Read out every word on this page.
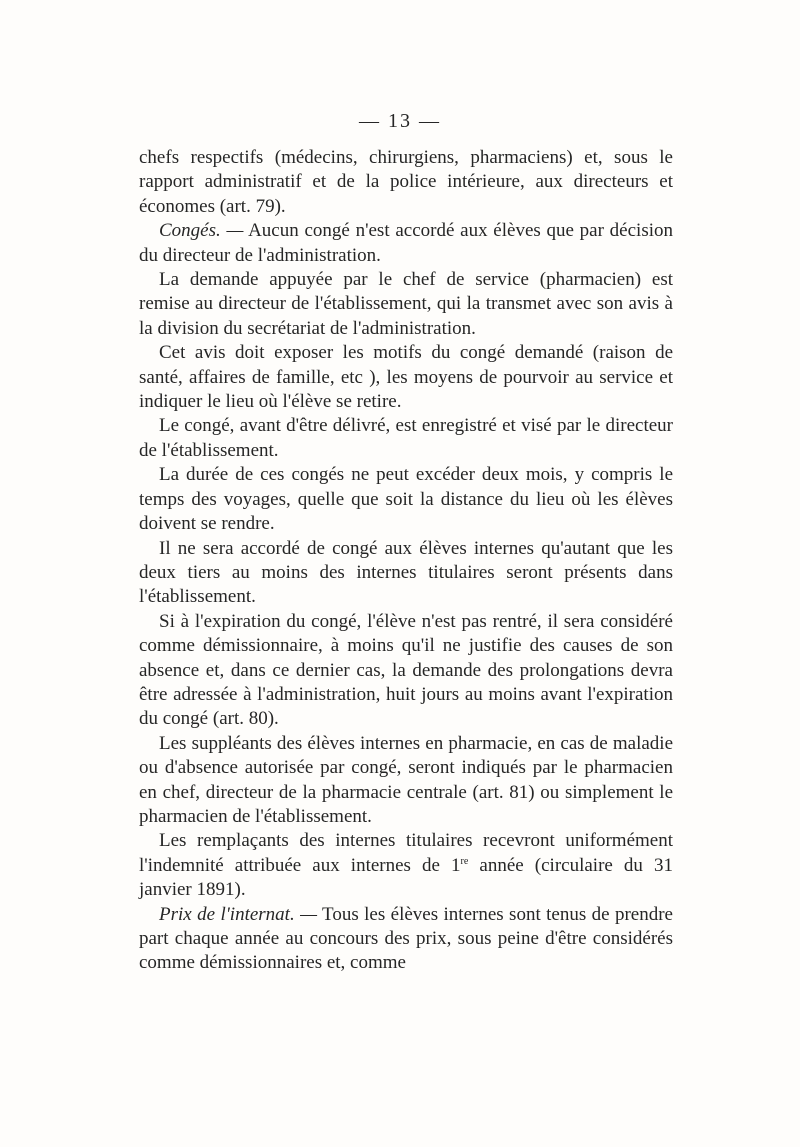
— 13 —

chefs respectifs (médecins, chirurgiens, pharmaciens) et, sous le rapport administratif et de la police intérieure, aux directeurs et économes (art. 79).

Congés. — Aucun congé n'est accordé aux élèves que par décision du directeur de l'administration.

La demande appuyée par le chef de service (pharmacien) est remise au directeur de l'établissement, qui la transmet avec son avis à la division du secrétariat de l'administration.

Cet avis doit exposer les motifs du congé demandé (raison de santé, affaires de famille, etc ), les moyens de pourvoir au service et indiquer le lieu où l'élève se retire.

Le congé, avant d'être délivré, est enregistré et visé par le directeur de l'établissement.

La durée de ces congés ne peut excéder deux mois, y compris le temps des voyages, quelle que soit la distance du lieu où les élèves doivent se rendre.

Il ne sera accordé de congé aux élèves internes qu'autant que les deux tiers au moins des internes titulaires seront présents dans l'établissement.

Si à l'expiration du congé, l'élève n'est pas rentré, il sera considéré comme démissionnaire, à moins qu'il ne justifie des causes de son absence et, dans ce dernier cas, la demande des prolongations devra être adressée à l'administration, huit jours au moins avant l'expiration du congé (art. 80).

Les suppléants des élèves internes en pharmacie, en cas de maladie ou d'absence autorisée par congé, seront indiqués par le pharmacien en chef, directeur de la pharmacie centrale (art. 81) ou simplement le pharmacien de l'établissement.

Les remplaçants des internes titulaires recevront uniformément l'indemnité attribuée aux internes de 1re année (circulaire du 31 janvier 1891).

Prix de l'internat. — Tous les élèves internes sont tenus de prendre part chaque année au concours des prix, sous peine d'être considérés comme démissionnaires et, comme
